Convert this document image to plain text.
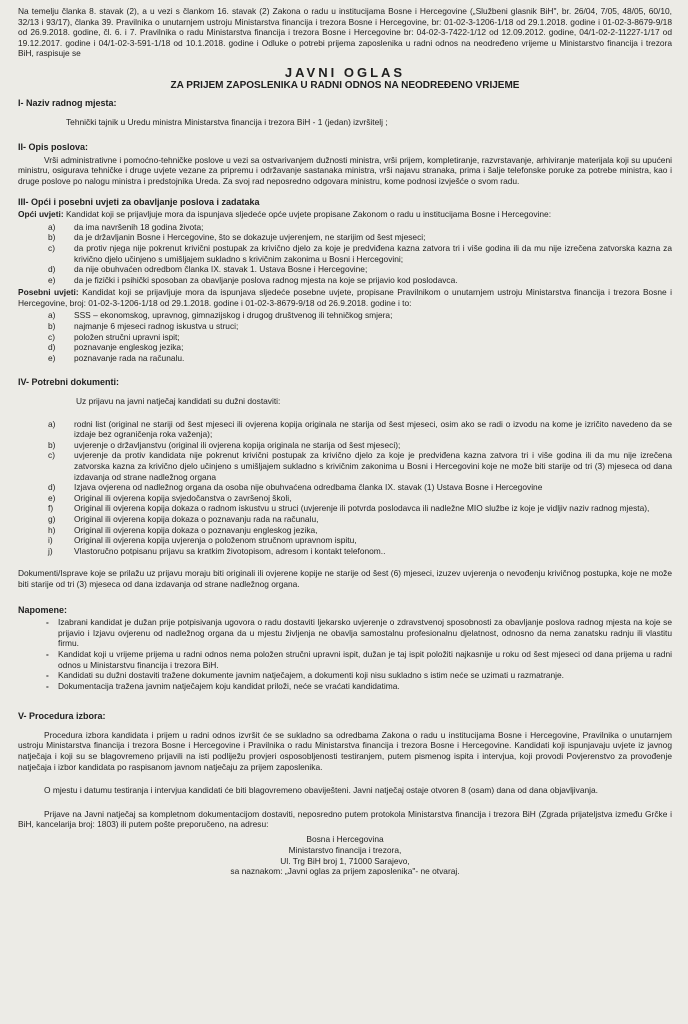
Na temelju članka 8. stavak (2), a u vezi s člankom 16. stavak (2) Zakona o radu u institucijama Bosne i Hercegovine („Službeni glasnik BiH", br. 26/04, 7/05, 48/05, 60/10, 32/13 i 93/17), članka 39. Pravilnika o unutarnjem ustroju Ministarstva financija i trezora Bosne i Hercegovine, br: 01-02-3-1206-1/18 od 29.1.2018. godine i 01-02-3-8679-9/18 od 26.9.2018. godine, čl. 6. i 7. Pravilnika o radu Ministarstva financija i trezora Bosne i Hercegovine br: 04-02-3-7422-1/12 od 12.09.2012. godine, 04/1-02-2-11227-1/17 od 19.12.2017. godine i 04/1-02-3-591-1/18 od 10.1.2018. godine i Odluke o potrebi prijema zaposlenika u radni odnos na neodređeno vrijeme u Ministarstvo financija i trezora BiH, raspisuje se

JAVNI OGLAS
ZA PRIJEM ZAPOSLENIKA U RADNI ODNOS NA NEODREĐENO VRIJEME
I- Naziv radnog mjesta:

Tehnički tajnik u Uredu ministra Ministarstva financija i trezora BiH - 1 (jedan) izvršitelj ;

II- Opis poslova:

Vrši administrativne i pomoćno-tehničke poslove u vezi sa ostvarivanjem dužnosti ministra, vrši prijem, kompletiranje, razvrstavanje, arhiviranje materijala koji su upućeni ministru, osigurava tehničke i druge uvjete vezane za pripremu i održavanje sastanaka ministra, vrši najavu stranaka, prima i šalje telefonske poruke za potrebe ministra, kao i druge poslove po nalogu ministra i predstojnika Ureda. Za svoj rad neposredno odgovara ministru, kome podnosi izvješće o svom radu.

III- Opći i posebni uvjeti za obavljanje poslova i zadataka

Opći uvjeti: Kandidat koji se prijavljuje mora da ispunjava sljedeće opće uvjete propisane Zakonom o radu u institucijama Bosne i Hercegovine:

a)	da ima navršenih 18 godina života;
b)	da je državljanin Bosne i Hercegovine, što se dokazuje uvjerenjem, ne starijim od šest mjeseci;
c)	da protiv njega nije pokrenut krivični postupak za krivično djelo za koje je predviđena kazna zatvora tri i više godina ili da mu nije izrečena zatvorska kazna za krivično djelo učinjeno s umišljajem sukladno s krivičnim zakonima u Bosni i Hercegovini;
d)	da nije obuhvaćen odredbom članka IX. stavak 1. Ustava Bosne i Hercegovine;
e)	da je fizički i psihički sposoban za obavljanje poslova radnog mjesta na koje se prijavio kod poslodavca.

Posebni uvjeti: Kandidat koji se prijavljuje mora da ispunjava sljedeće posebne uvjete, propisane Pravilnikom o unutarnjem ustroju Ministarstva financija i trezora Bosne i Hercegovine, broj: 01-02-3-1206-1/18 od 29.1.2018. godine i 01-02-3-8679-9/18 od 26.9.2018. godine i to:

a)	SSS – ekonomskog, upravnog, gimnazijskog i drugog društvenog ili tehničkog smjera;
b)	najmanje 6 mjeseci radnog iskustva u struci;
c)	položen stručni upravni ispit;
d)	poznavanje engleskog jezika;
e)	poznavanje rada na računalu.
IV- Potrebni dokumenti:

Uz prijavu na javni natječaj kandidati su dužni dostaviti:

a)	rodni list (original ne stariji od šest mjeseci ili ovjerena kopija originala ne starija od šest mjeseci, osim ako se radi o izvodu na kome je izričito navedeno da se izdaje bez ograničenja roka važenja);
b)	uvjerenje o državljanstvu (original ili ovjerena kopija originala ne starija od šest mjeseci);
c)	uvjerenje da protiv kandidata nije pokrenut krivični postupak za krivično djelo za koje je predviđena kazna zatvora tri i više godina ili da mu nije izrečena zatvorska kazna za krivično djelo učinjeno s umišljajem sukladno s krivičnim zakonima u Bosni i Hercegovini koje ne može biti starije od tri (3) mjeseca od dana izdavanja od strane nadležnog organa
d)	Izjava ovjerena od nadležnog organa da osoba nije obuhvaćena odredbama članka IX. stavak (1) Ustava Bosne i Hercegovine
e)	Original ili ovjerena kopija svjedočanstva o završenoj školi,
f)	Original ili ovjerena kopija dokaza o radnom iskustvu u struci (uvjerenje ili potvrda poslodavca ili nadležne MIO službe iz koje je vidljiv naziv radnog mjesta),
g)	Original ili ovjerena kopija dokaza o poznavanju rada na računalu,
h)	Original ili ovjerena kopija dokaza o poznavanju engleskog jezika,
i)	Original ili ovjerena kopija uvjerenja o položenom stručnom upravnom ispitu,
j)	Vlastoručno potpisanu prijavu sa kratkim životopisom, adresom i kontakt telefonom..

Dokumenti/Isprave koje se prilažu uz prijavu moraju biti originali ili ovjerene kopije ne starije od šest (6) mjeseci, izuzev uvjerenja o nevođenju krivičnog postupka, koje ne može biti starije od tri (3) mjeseca od dana izdavanja od strane nadležnog organa.

Napomene:
-	Izabrani kandidat je dužan prije potpisivanja ugovora o radu dostaviti ljekarsko uvjerenje o zdravstvenoj sposobnosti za obavljanje poslova radnog mjesta na koje se prijavio i Izjavu ovjerenu od nadležnog organa da u mjestu življenja ne obavlja samostalnu profesionalnu djelatnost, odnosno da nema zanatsku radnju ili vlastitu firmu.
-	Kandidat koji u vrijeme prijema u radni odnos nema položen stručni upravni ispit, dužan je taj ispit položiti najkasnije u roku od šest mjeseci od dana prijema u radni odnos u Ministarstvu financija i trezora BiH.
-	Kandidati su dužni dostaviti tražene dokumente javnim natječajem, a dokumenti koji nisu sukladno s istim neće se uzimati u razmatranje.
-	Dokumentacija tražena javnim natječajem koju kandidat priloži, neće se vraćati kandidatima.
V- Procedura izbora:

Procedura izbora kandidata i prijem u radni odnos izvršit će se sukladno sa odredbama Zakona o radu u institucijama Bosne i Hercegovine, Pravilnika o unutarnjem ustroju Ministarstva financija i trezora Bosne i Hercegovine i Pravilnika o radu Ministarstva financija i trezora Bosne i Hercegovine. Kandidati koji ispunjavaju uvjete iz javnog natječaja i koji su se blagovremeno prijavili na isti podliježu provjeri osposobljenosti testiranjem, putem pismenog ispita i intervjua, koji provodi Povjerenstvo za provođenje natječaja i izbor kandidata po raspisanom javnom natječaju za prijem zaposlenika.

O mjestu i datumu testiranja i intervjua kandidati će biti blagovremeno obaviješteni. Javni natječaj ostaje otvoren 8 (osam) dana od dana objavljivanja.

Prijave na Javni natječaj sa kompletnom dokumentacijom dostaviti, neposredno putem protokola Ministarstva financija i trezora BiH (Zgrada prijateljstva između Grčke i BiH, kancelarija broj: 1803) ili putem pošte preporučeno, na adresu:

Bosna i Hercegovina
Ministarstvo financija i trezora,
Ul. Trg BiH broj 1, 71000 Sarajevo,
sa naznakom: „Javni oglas za prijem zaposlenika"- ne otvaraj.
